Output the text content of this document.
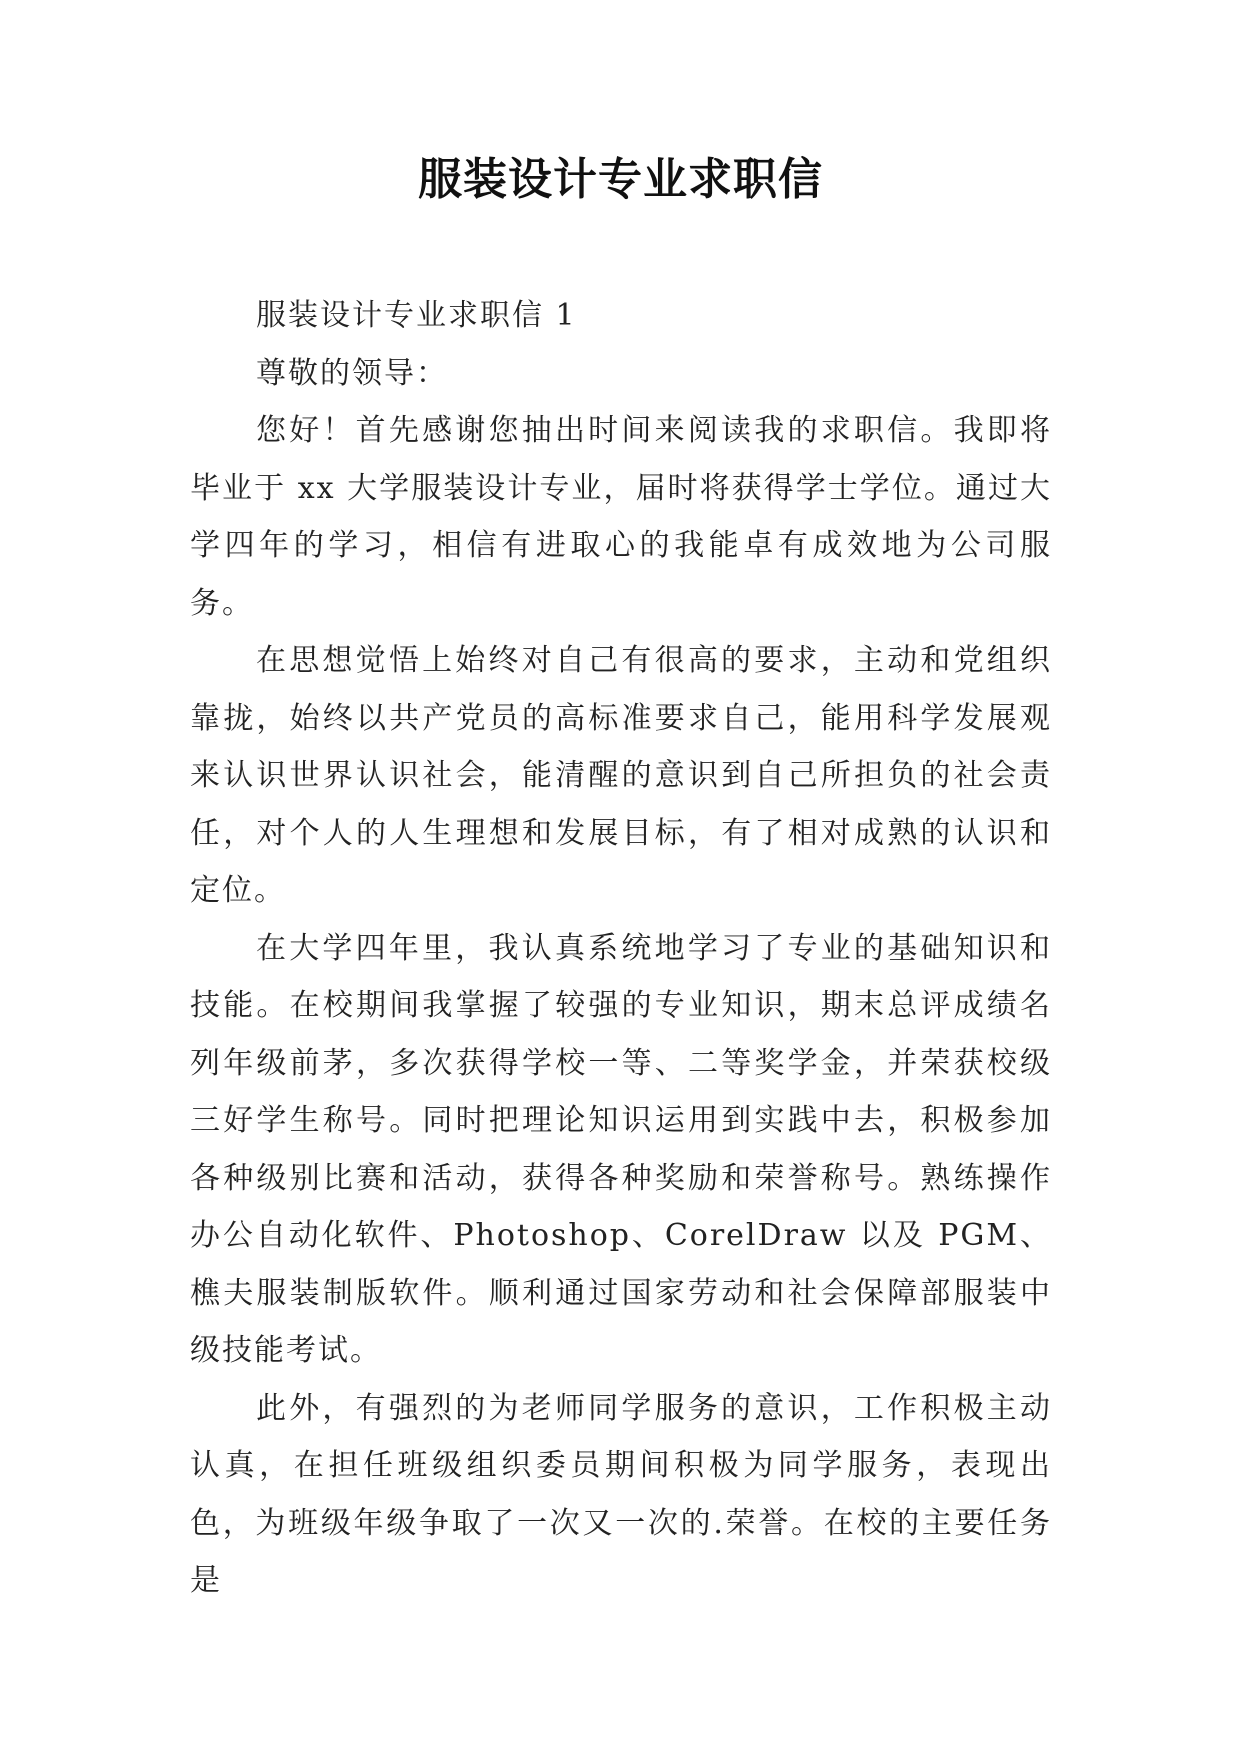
服装设计专业求职信

服装设计专业求职信 1

尊敬的领导：

您好！首先感谢您抽出时间来阅读我的求职信。我即将毕业于 xx 大学服装设计专业，届时将获得学士学位。通过大学四年的学习，相信有进取心的我能卓有成效地为公司服务。

在思想觉悟上始终对自己有很高的要求，主动和党组织靠拢，始终以共产党员的高标准要求自己，能用科学发展观来认识世界认识社会，能清醒的意识到自己所担负的社会责任，对个人的人生理想和发展目标，有了相对成熟的认识和定位。

在大学四年里，我认真系统地学习了专业的基础知识和技能。在校期间我掌握了较强的专业知识，期末总评成绩名列年级前茅，多次获得学校一等、二等奖学金，并荣获校级三好学生称号。同时把理论知识运用到实践中去，积极参加各种级别比赛和活动，获得各种奖励和荣誉称号。熟练操作办公自动化软件、Photoshop、CorelDraw 以及 PGM、樵夫服装制版软件。顺利通过国家劳动和社会保障部服装中级技能考试。

此外，有强烈的为老师同学服务的意识，工作积极主动认真，在担任班级组织委员期间积极为同学服务，表现出色，为班级年级争取了一次又一次的.荣誉。在校的主要任务是
